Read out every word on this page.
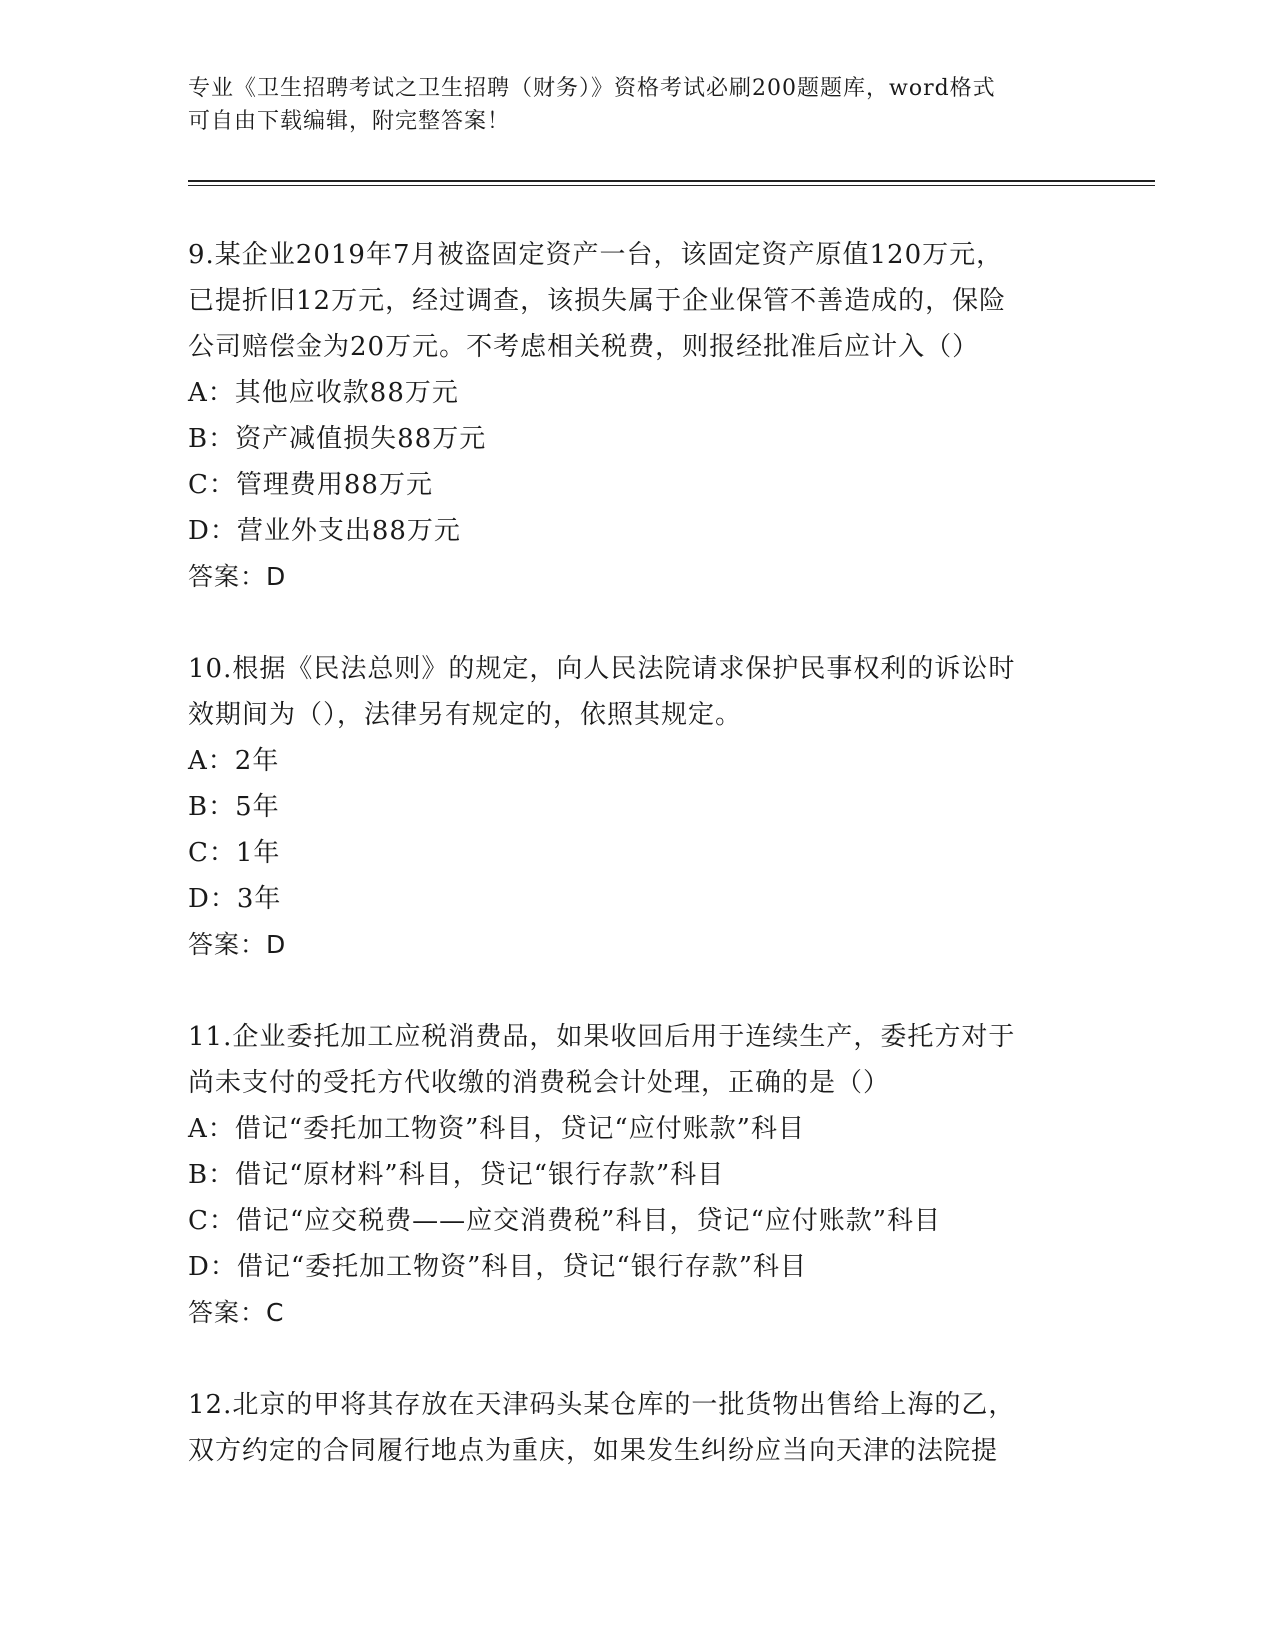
专业《卫生招聘考试之卫生招聘（财务）》资格考试必刷200题题库，word格式
可自由下载编辑，附完整答案！

9.某企业2019年7月被盗固定资产一台，该固定资产原值120万元，

已提折旧12万元，经过调查，该损失属于企业保管不善造成的，保险

公司赔偿金为20万元。不考虑相关税费，则报经批准后应计入（）

A：其他应收款88万元

B：资产减值损失88万元

C：管理费用88万元

D：营业外支出88万元

答案：D

10.根据《民法总则》的规定，向人民法院请求保护民事权利的诉讼时

效期间为（），法律另有规定的，依照其规定。

A：2年

B：5年

C：1年

D：3年

答案：D

11.企业委托加工应税消费品，如果收回后用于连续生产，委托方对于

尚未支付的受托方代收缴的消费税会计处理，正确的是（）

A：借记“委托加工物资”科目，贷记“应付账款”科目

B：借记“原材料”科目，贷记“银行存款”科目

C：借记“应交税费——应交消费税”科目，贷记“应付账款”科目

D：借记“委托加工物资”科目，贷记“银行存款”科目

答案：C

12.北京的甲将其存放在天津码头某仓库的一批货物出售给上海的乙，

双方约定的合同履行地点为重庆，如果发生纠纷应当向天津的法院提
